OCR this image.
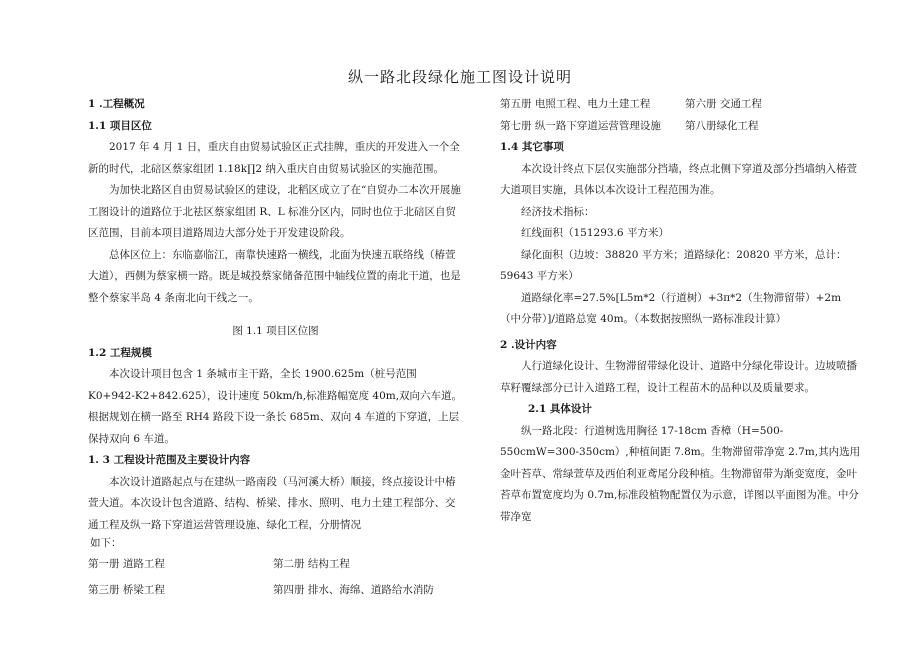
纵一路北段绿化施工图设计说明

1 .工程概况

1.1 项目区位

2017 年 4 月 1 日，重庆自由贸易试验区正式挂牌，重庆的开发进入一个全新的时代，北碚区蔡家组团 1.18k∏2 纳入重庆自由贸易试验区的实施范围。

为加快北路区自由贸易试验区的建设，北稻区成立了在“自贸办二本次开展施工图设计的道路位于北祛区蔡家组团 R、L 标准分区内，同时也位于北碚区自贸区范围，目前本项目道路周边大部分处于开发建设阶段。

总体区位上：东临嘉临江，南靠快速路一横线，北面为快速五联络线（椿萱大道），西侧为蔡家横一路。既是城投蔡家储备范围中轴线位置的南北干道，也是整个蔡家半岛 4 条南北向干线之一。

图 1.1 项目区位图

1.2 工程规模

本次设计项目包含 1 条城市主干路，全长 1900.625m（桩号范围 K0+942-K2+842.625），设计速度 50km/h,标准路幅宽度 40m,双向六车道。根据规划在横一路至 RH4 路段下设一条长 685m、双向 4 车道的下穿道，上层保持双向 6 车道。

1. 3 工程设计范围及主要设计内容

本次设计道路起点与在建纵一路南段（马河溪大桥）顺接，终点接设计中椿萱大道。本次设计包含道路、结构、桥梁、排水、照明、电力土建工程部分、交通工程及纵一路下穿道运营管理设施、绿化工程，分册情况

如下：

第一册 道路工程	第二册 结构工程
第三册 桥梁工程	第四册 排水、海绵、道路给水消防
第五册 电照工程、电力土建工程	第六册 交通工程
第七册 纵一路下穿道运营管理设施	第八册绿化工程

1.4 其它事项

本次设计终点下层仅实施部分挡墙，终点北侧下穿道及部分挡墙纳入椿萱大道项目实施，具体以本次设计工程范围为准。

经济技术指标：

红线面积（151293.6 平方米）

绿化面积（边坡：38820 平方米；道路绿化：20820 平方米，总计：59643 平方米）

道路绿化率=27.5%[L5m*2（行道树）+3π*2（生物滞留带）+2m（中分带）]/道路总宽 40m。（本数据按照纵一路标准段计算）

2 .设计内容

人行道绿化设计、生物滞留带绿化设计、道路中分绿化带设计。边坡喷播草籽覆绿部分已计入道路工程，设计工程苗木的品种以及质量要求。

2.1 具体设计

纵一路北段：行道树选用胸径 17-18cm 香樟（H=500-550cmW=300-350cm）,种植间距 7.8m。生物滞留带净宽 2.7m,其内选用金叶苔草、常绿萱草及西伯利亚鸢尾分段种植。生物滞留带为渐变宽度，金叶苔草布置宽度均为 0.7m,标准段植物配置仅为示意，详图以平面图为准。中分带净宽
